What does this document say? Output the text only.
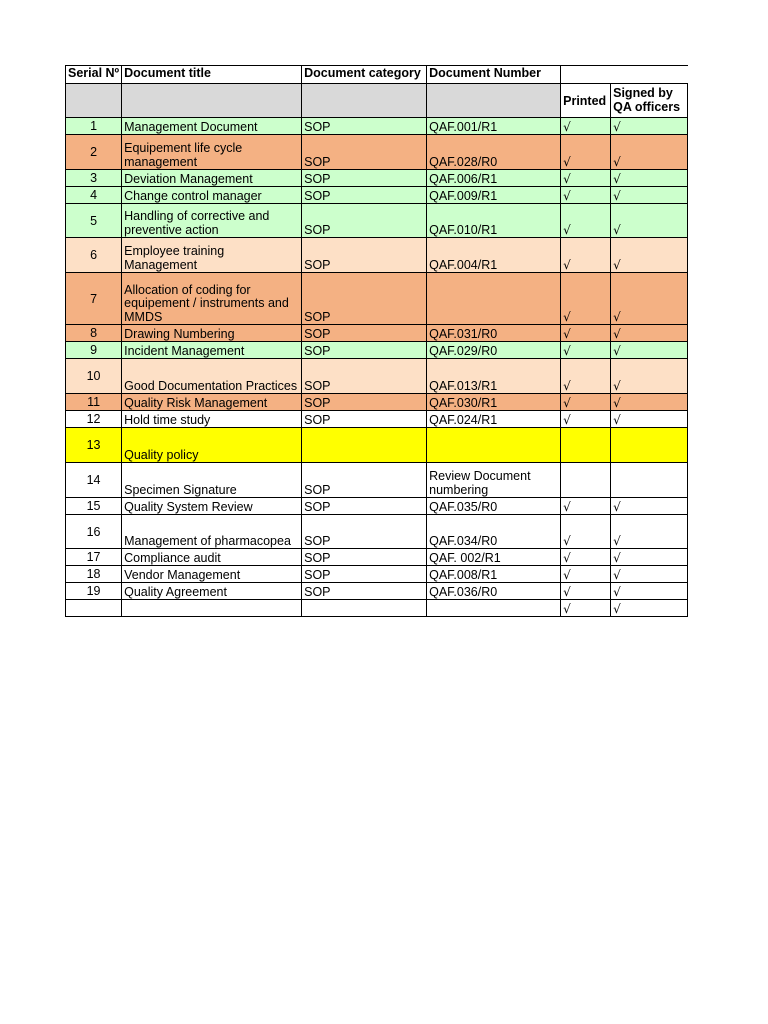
Serial Nº	Document title	Document category	Document Number		
				Printed	Signed by QA officers
1	Management Document	SOP	QAF.001/R1	√	√
2	Equipement life cycle management	SOP	QAF.028/R0	√	√
3	Deviation Management	SOP	QAF.006/R1	√	√
4	Change control manager	SOP	QAF.009/R1	√	√
5	Handling of corrective and preventive action	SOP	QAF.010/R1	√	√
6	Employee training Management	SOP	QAF.004/R1	√	√
7	Allocation of coding for equipement / instruments and MMDS	SOP		√	√
8	Drawing Numbering	SOP	QAF.031/R0	√	√
9	Incident Management	SOP	QAF.029/R0	√	√
10	Good Documentation Practices	SOP	QAF.013/R1	√	√
11	Quality Risk Management	SOP	QAF.030/R1	√	√
12	Hold time study	SOP	QAF.024/R1	√	√
13	Quality policy				
14	Specimen Signature	SOP	Review Document numbering		
15	Quality System Review	SOP	QAF.035/R0	√	√
16	Management of pharmacopea	SOP	QAF.034/R0	√	√
17	Compliance audit	SOP	QAF. 002/R1	√	√
18	Vendor Management	SOP	QAF.008/R1	√	√
19	Quality Agreement	SOP	QAF.036/R0	√	√
				√	√
